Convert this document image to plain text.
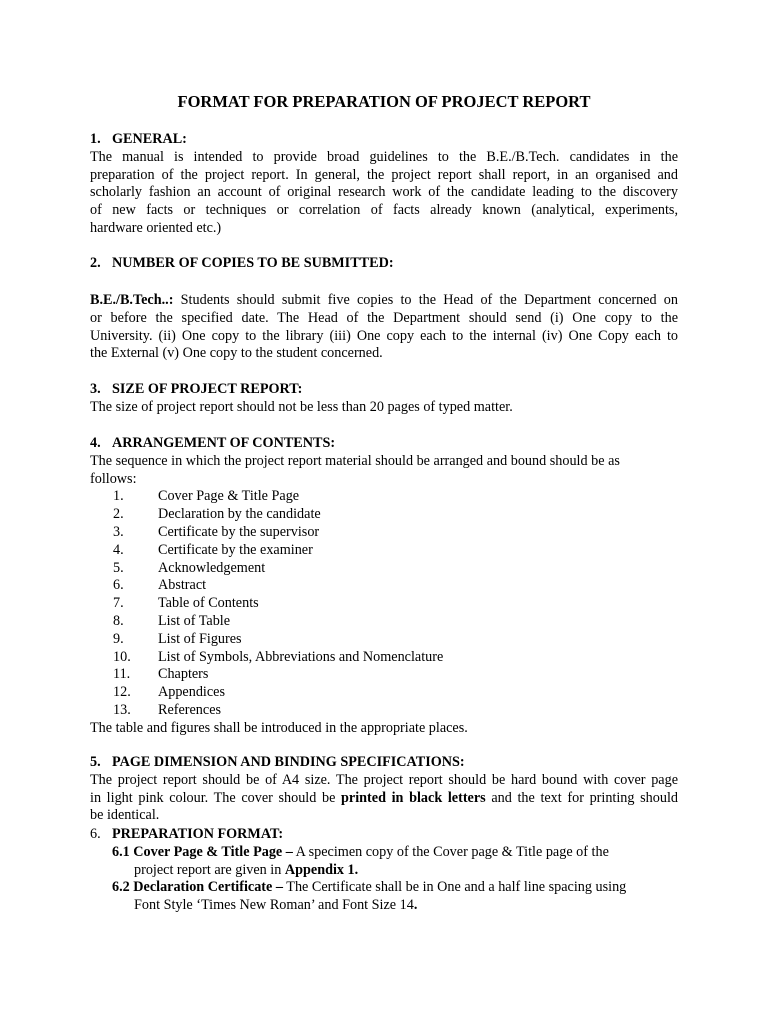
FORMAT FOR PREPARATION OF PROJECT REPORT
1. GENERAL:
The manual is intended to provide broad guidelines to the B.E./B.Tech. candidates in the
preparation of the project report. In general, the project report shall report, in an organised and
scholarly fashion an account of original research work of the candidate leading to the discovery
of new facts or techniques or correlation of facts already known (analytical, experiments,
hardware oriented etc.)
2. NUMBER OF COPIES TO BE SUBMITTED:
B.E./B.Tech..: Students should submit five copies to the Head of the Department concerned on
or before the specified date. The Head of the Department should send (i) One copy to the
University. (ii) One copy to the library (iii) One copy each to the internal (iv) One Copy each to
the External (v) One copy to the student concerned.
3. SIZE OF PROJECT REPORT:
The size of project report should not be less than 20 pages of typed matter.
4. ARRANGEMENT OF CONTENTS:
The sequence in which the project report material should be arranged and bound should be as
follows:
1.	Cover Page & Title Page
2.	Declaration by the candidate
3.	Certificate by the supervisor
4.	Certificate by the examiner
5.	Acknowledgement
6.	Abstract
7.	Table of Contents
8.	List of Table
9.	List of Figures
10.	List of Symbols, Abbreviations and Nomenclature
11.	Chapters
12.	Appendices
13.	References
The table and figures shall be introduced in the appropriate places.
5. PAGE DIMENSION AND BINDING SPECIFICATIONS:
The project report should be of A4 size. The project report should be hard bound with cover page
in light pink colour. The cover should be printed in black letters and the text for printing should
be identical.
6. PREPARATION FORMAT:
6.1 Cover Page & Title Page – A specimen copy of the Cover page & Title page of the
project report are given in Appendix 1.
6.2 Declaration Certificate – The Certificate shall be in One and a half line spacing using
Font Style ‘Times New Roman’ and Font Size 14.
